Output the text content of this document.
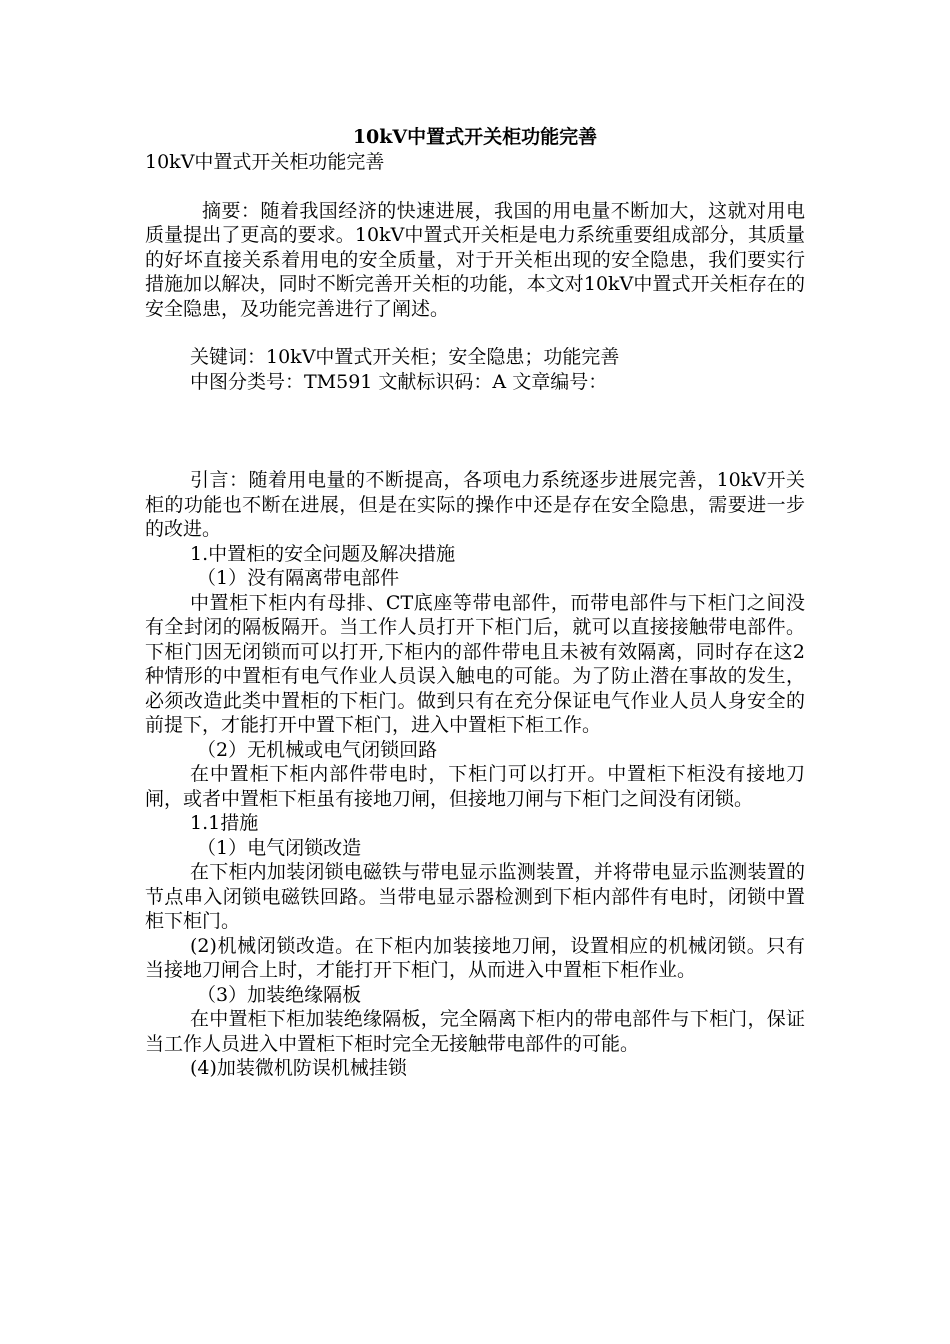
10kV中置式开关柜功能完善

10kV中置式开关柜功能完善

摘要：随着我国经济的快速进展，我国的用电量不断加大，这就对用电质量提出了更高的要求。10kV中置式开关柜是电力系统重要组成部分，其质量的好坏直接关系着用电的安全质量，对于开关柜出现的安全隐患，我们要实行措施加以解决，同时不断完善开关柜的功能，本文对10kV中置式开关柜存在的安全隐患，及功能完善进行了阐述。

关键词：10kV中置式开关柜；安全隐患；功能完善

中图分类号：TM591 文献标识码：A 文章编号：

引言：随着用电量的不断提高，各项电力系统逐步进展完善，10kV开关柜的功能也不断在进展，但是在实际的操作中还是存在安全隐患，需要进一步的改进。

1.中置柜的安全问题及解决措施

（1）没有隔离带电部件

中置柜下柜内有母排、CT底座等带电部件，而带电部件与下柜门之间没有全封闭的隔板隔开。当工作人员打开下柜门后，就可以直接接触带电部件。下柜门因无闭锁而可以打开,下柜内的部件带电且未被有效隔离，同时存在这2种情形的中置柜有电气作业人员误入触电的可能。为了防止潜在事故的发生，必须改造此类中置柜的下柜门。做到只有在充分保证电气作业人员人身安全的前提下，才能打开中置下柜门，进入中置柜下柜工作。

（2）无机械或电气闭锁回路

在中置柜下柜内部件带电时，下柜门可以打开。中置柜下柜没有接地刀闸，或者中置柜下柜虽有接地刀闸，但接地刀闸与下柜门之间没有闭锁。

1.1措施

（1）电气闭锁改造

在下柜内加装闭锁电磁铁与带电显示监测装置，并将带电显示监测装置的节点串入闭锁电磁铁回路。当带电显示器检测到下柜内部件有电时，闭锁中置柜下柜门。

(2)机械闭锁改造。在下柜内加装接地刀闸，设置相应的机械闭锁。只有当接地刀闸合上时，才能打开下柜门，从而进入中置柜下柜作业。

（3）加装绝缘隔板

在中置柜下柜加装绝缘隔板，完全隔离下柜内的带电部件与下柜门，保证当工作人员进入中置柜下柜时完全无接触带电部件的可能。

(4)加装微机防误机械挂锁
